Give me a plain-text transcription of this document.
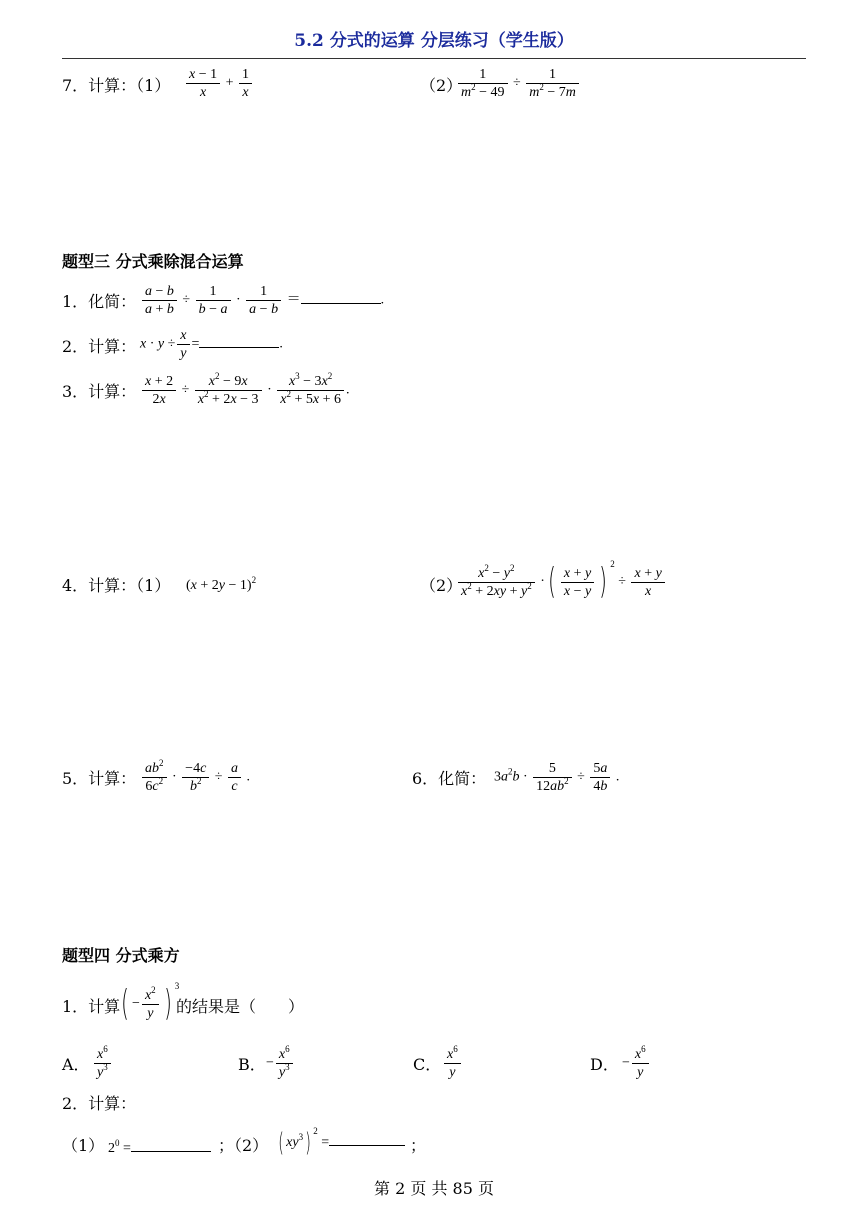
5.2 分式的运算 分层练习（学生版）
7．计算：$(1) \frac{x - 1}{x} + \frac{1}{x}$	（2）
$\frac{1}{m^2 - 49} \div \frac{1}{m^2 - 7m}$
题型三 分式乘除混合运算
1．化简： $\frac{a - b}{a + b} \div \frac{1}{b - a} \cdot \frac{1}{a - b}$ ＝	.
2．计算： $x \cdot y \div \frac{x}{y}$ =	.
3．计算： $\frac{x + 2}{2x} \div \frac{x^2 - 9x}{x^2 + 2x - 3} \cdot \frac{x^3 - 3x^2}{x^2 + 5x + 6}$ .
4．计算：（1） $(x + 2y - 1)^2$	（2）
$\frac{x^2 - y^2}{x^2 + 2xy + y^2}$ ·( $\frac{x + y}{x - y}$ ) $^2 \div \frac{x + y}{x}$
5．计算： $\frac{ab^2}{6c^2} \cdot \frac{-4c}{b^2} \div \frac{a}{c}$ .	6．化简： $3a^2b \cdot \frac{5}{12ab^2} \div \frac{5a}{4b}$ .
题型四 分式乘方
1．计算 ( − $\frac{x^2}{y}$ ) $^3$
的结果是（　　）
A． $\frac{x^6}{y^3}$	B． − $\frac{x^6}{y^3}$	C． $\frac{x^6}{y}$	D． − $\frac{x^6}{y}$
2．计算：
（1） $2^0$ =	；（2） ( $xy^3$) $^2$ =	；
第 2 页 共 85 页
